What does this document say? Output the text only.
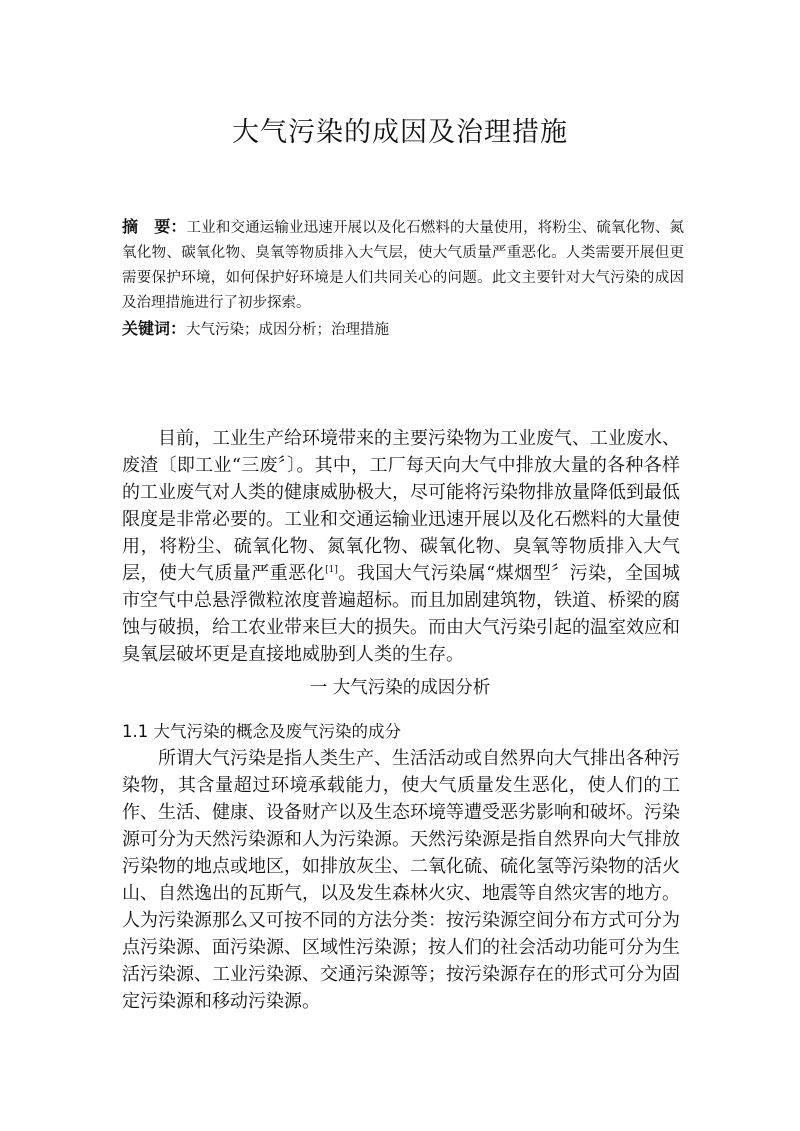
大气污染的成因及治理措施

摘　要：工业和交通运输业迅速开展以及化石燃料的大量使用，将粉尘、硫氧化物、氮氧化物、碳氧化物、臭氧等物质排入大气层，使大气质量严重恶化。人类需要开展但更需要保护环境，如何保护好环境是人们共同关心的问题。此文主要针对大气污染的成因及治理措施进行了初步探索。

关键词：大气污染；成因分析；治理措施

目前，工业生产给环境带来的主要污染物为工业废气、工业废水、废渣〔即工业“三废〞〕。其中，工厂每天向大气中排放大量的各种各样的工业废气对人类的健康威胁极大，尽可能将污染物排放量降低到最低限度是非常必要的。工业和交通运输业迅速开展以及化石燃料的大量使用，将粉尘、硫氧化物、氮氧化物、碳氧化物、臭氧等物质排入大气层，使大气质量严重恶化[1]。我国大气污染属“煤烟型〞污染，全国城市空气中总悬浮微粒浓度普遍超标。而且加剧建筑物，铁道、桥梁的腐蚀与破损，给工农业带来巨大的损失。而由大气污染引起的温室效应和臭氧层破坏更是直接地威胁到人类的生存。

一 大气污染的成因分析
1.1 大气污染的概念及废气污染的成分

所谓大气污染是指人类生产、生活活动或自然界向大气排出各种污染物，其含量超过环境承载能力，使大气质量发生恶化，使人们的工作、生活、健康、设备财产以及生态环境等遭受恶劣影响和破坏。污染源可分为天然污染源和人为污染源。天然污染源是指自然界向大气排放污染物的地点或地区，如排放灰尘、二氧化硫、硫化氢等污染物的活火山、自然逸出的瓦斯气，以及发生森林火灾、地震等自然灾害的地方。人为污染源那么又可按不同的方法分类：按污染源空间分布方式可分为点污染源、面污染源、区域性污染源；按人们的社会活动功能可分为生活污染源、工业污染源、交通污染源等；按污染源存在的形式可分为固定污染源和移动污染源。
